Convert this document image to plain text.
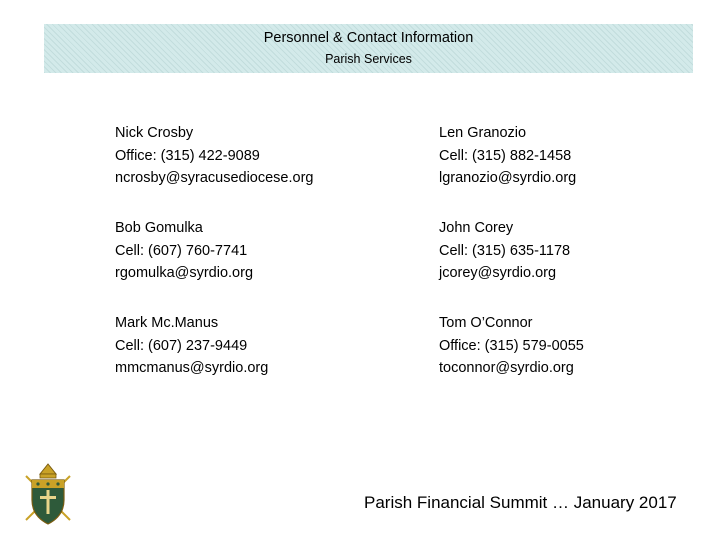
Personnel & Contact Information
Parish Services
Nick Crosby
Office: (315) 422-9089
ncrosby@syracusediocese.org
Bob Gomulka
Cell: (607) 760-7741
rgomulka@syrdio.org
Mark Mc.Manus
Cell: (607) 237-9449
mmcmanus@syrdio.org
Len Granozio
Cell: (315) 882-1458
lgranozio@syrdio.org
John Corey
Cell: (315) 635-1178
jcorey@syrdio.org
Tom O’Connor
Office: (315) 579-0055
toconnor@syrdio.org
Parish Financial Summit … January 2017
